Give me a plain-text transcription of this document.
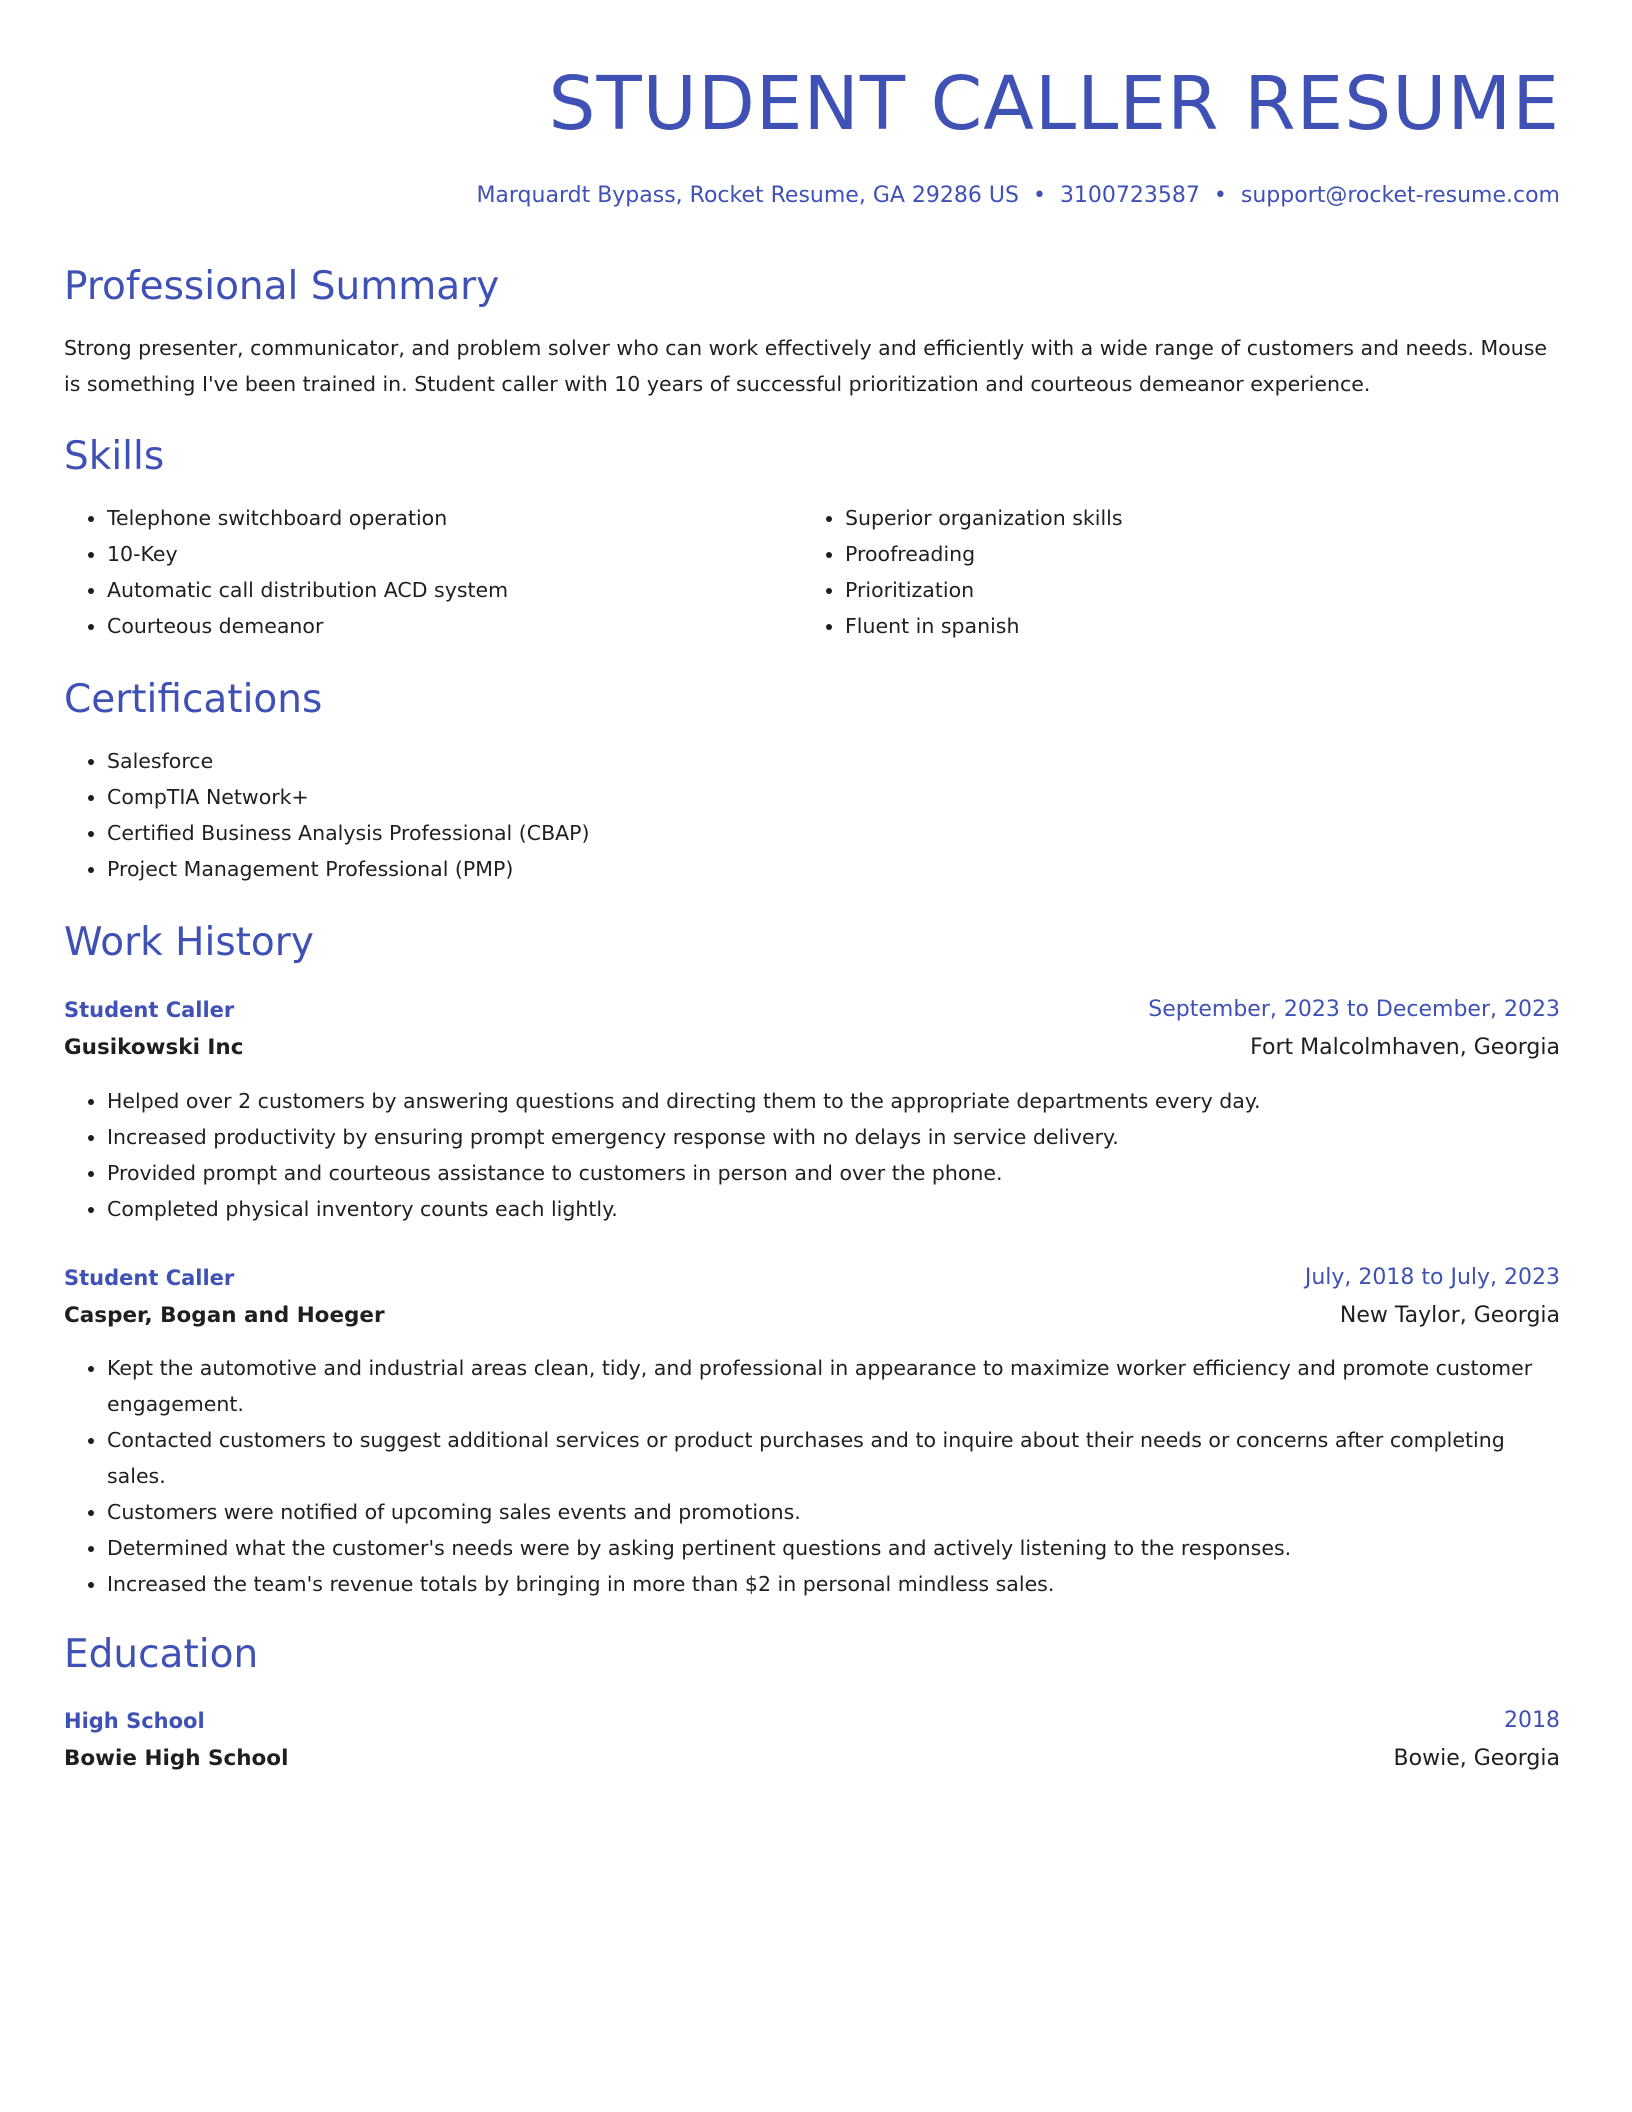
STUDENT CALLER RESUME
Marquardt Bypass, Rocket Resume, GA 29286 US • 3100723587 • support@rocket-resume.com
Professional Summary

Strong presenter, communicator, and problem solver who can work effectively and efficiently with a wide range of customers and needs. Mouse is something I've been trained in. Student caller with 10 years of successful prioritization and courteous demeanor experience.

Skills
• Telephone switchboard operation
• 10-Key
• Automatic call distribution ACD system
• Courteous demeanor
• Superior organization skills
• Proofreading
• Prioritization
• Fluent in spanish
Certifications
• Salesforce
• CompTIA Network+
• Certified Business Analysis Professional (CBAP)
• Project Management Professional (PMP)
Work History
Student Caller	September, 2023 to December, 2023
Gusikowski Inc	Fort Malcolmhaven, Georgia
• Helped over 2 customers by answering questions and directing them to the appropriate departments every day.
• Increased productivity by ensuring prompt emergency response with no delays in service delivery.
• Provided prompt and courteous assistance to customers in person and over the phone.
• Completed physical inventory counts each lightly.
Student Caller	July, 2018 to July, 2023
Casper, Bogan and Hoeger	New Taylor, Georgia
• Kept the automotive and industrial areas clean, tidy, and professional in appearance to maximize worker efficiency and promote customer engagement.
• Contacted customers to suggest additional services or product purchases and to inquire about their needs or concerns after completing sales.
• Customers were notified of upcoming sales events and promotions.
• Determined what the customer's needs were by asking pertinent questions and actively listening to the responses.
• Increased the team's revenue totals by bringing in more than $2 in personal mindless sales.
Education
High School	2018
Bowie High School	Bowie, Georgia
